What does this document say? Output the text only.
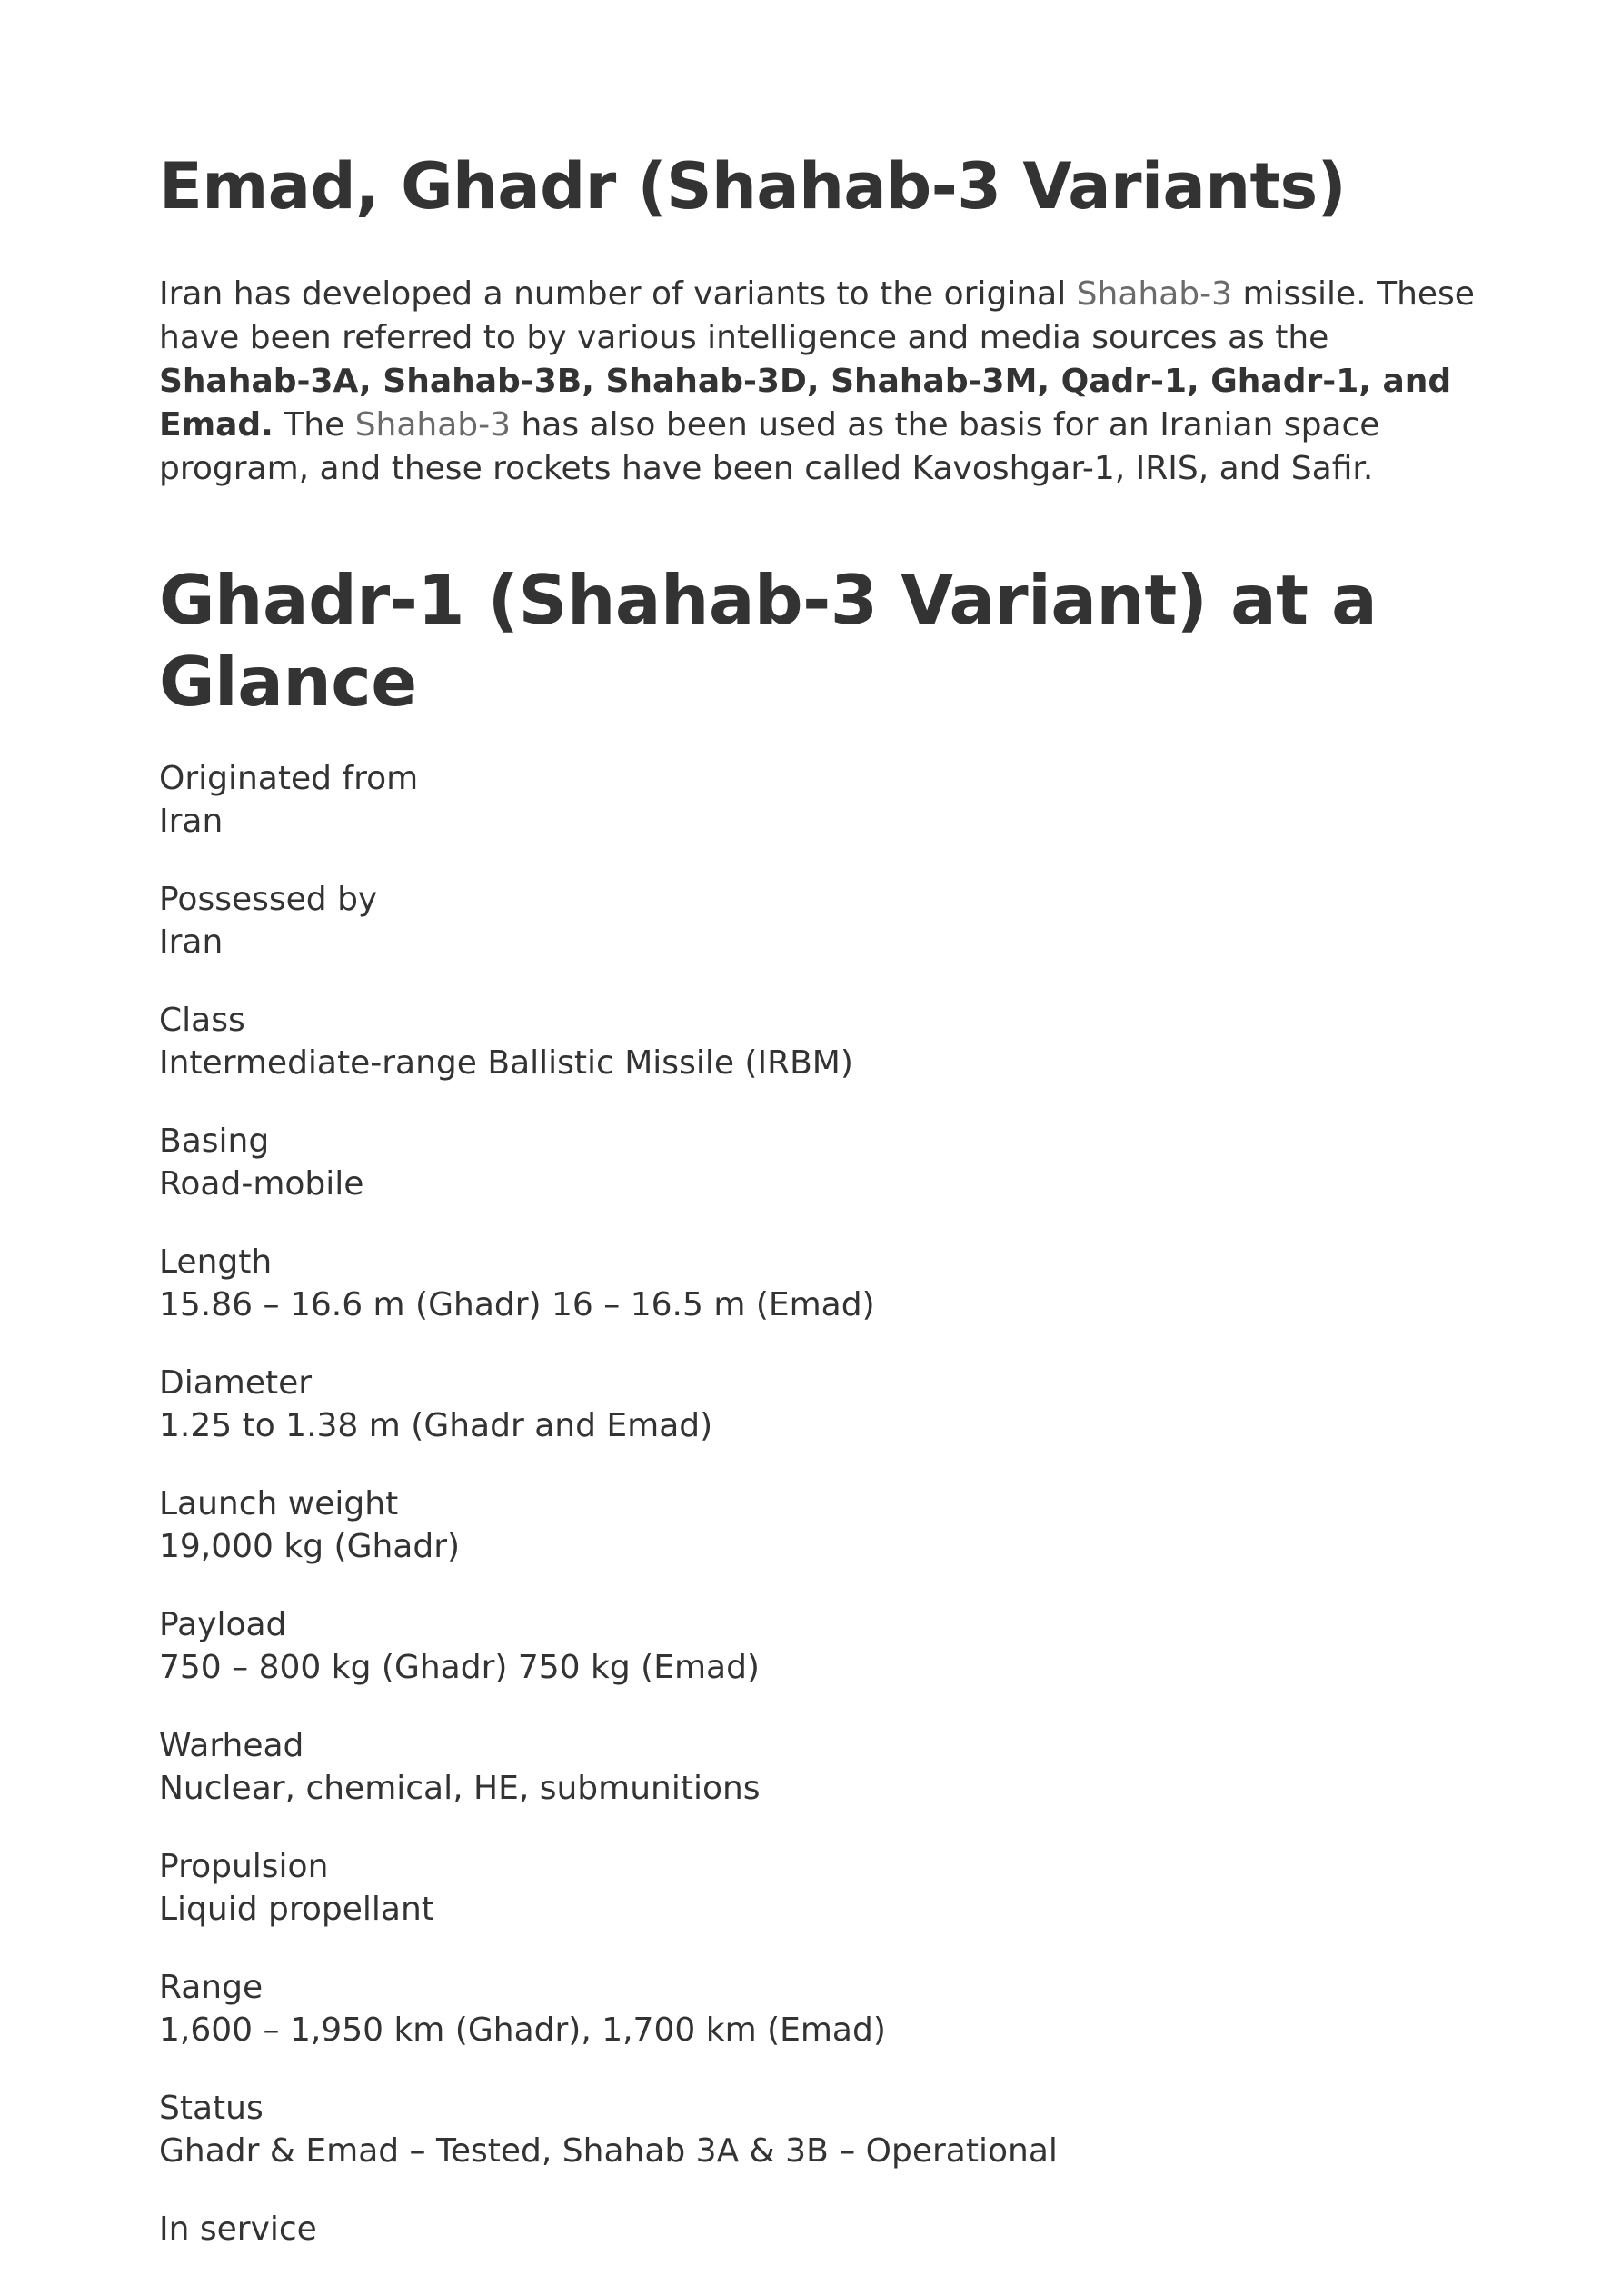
Emad, Ghadr (Shahab-3 Variants)

Iran has developed a number of variants to the original Shahab-3 missile. These have been referred to by various intelligence and media sources as the Shahab-3A, Shahab-3B, Shahab-3D, Shahab-3M, Qadr-1, Ghadr-1, and Emad. The Shahab-3 has also been used as the basis for an Iranian space program, and these rockets have been called Kavoshgar-1, IRIS, and Safir.

Ghadr-1 (Shahab-3 Variant) at a Glance
Originated from
Iran
Possessed by
Iran
Class
Intermediate-range Ballistic Missile (IRBM)
Basing
Road-mobile
Length
15.86 – 16.6 m (Ghadr) 16 – 16.5 m (Emad)
Diameter
1.25 to 1.38 m (Ghadr and Emad)
Launch weight
19,000 kg (Ghadr)
Payload
750 – 800 kg (Ghadr) 750 kg (Emad)
Warhead
Nuclear, chemical, HE, submunitions
Propulsion
Liquid propellant
Range
1,600 – 1,950 km (Ghadr), 1,700 km (Emad)
Status
Ghadr & Emad – Tested, Shahab 3A & 3B – Operational
In service
